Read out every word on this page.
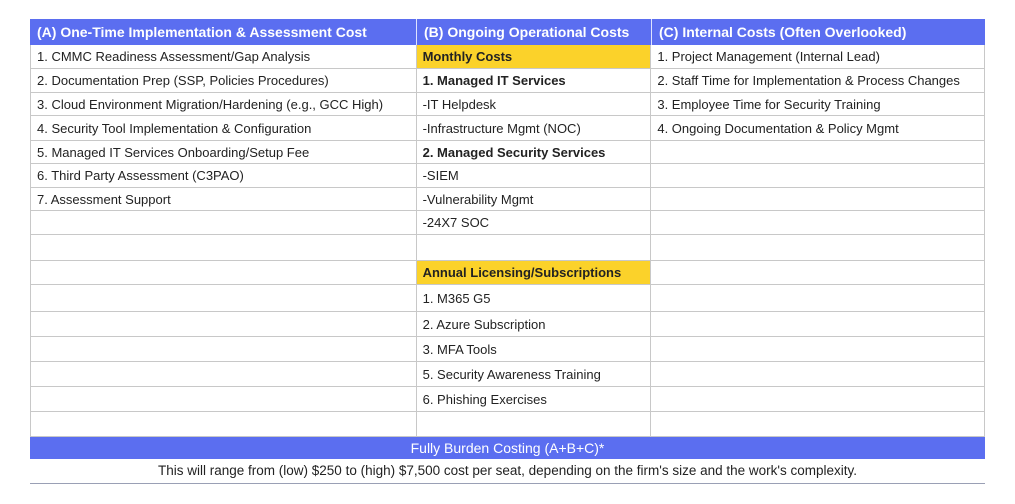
(A) One-Time Implementation & Assessment Cost	(B) Ongoing Operational Costs	(C) Internal Costs (Often Overlooked)
1. CMMC Readiness Assessment/Gap Analysis
2. Documentation Prep (SSP, Policies Procedures)
3. Cloud Environment Migration/Hardening (e.g., GCC High)
4. Security Tool Implementation & Configuration
5. Managed IT Services Onboarding/Setup Fee
6. Third Party Assessment (C3PAO)
7. Assessment Support
Monthly Costs
1. Managed IT Services
-IT Helpdesk
-Infrastructure Mgmt (NOC)
2. Managed Security Services
-SIEM
-Vulnerability Mgmt
-24X7 SOC
Annual Licensing/Subscriptions
1. M365 G5
2. Azure Subscription
3. MFA Tools
5. Security Awareness Training
6. Phishing Exercises
1. Project Management (Internal Lead)
2. Staff Time for Implementation & Process Changes
3. Employee Time for Security Training
4. Ongoing Documentation & Policy Mgmt
Fully Burden Costing (A+B+C)*
This will range from (low) $250 to (high) $7,500 cost per seat, depending on the firm's size and the work's complexity.
